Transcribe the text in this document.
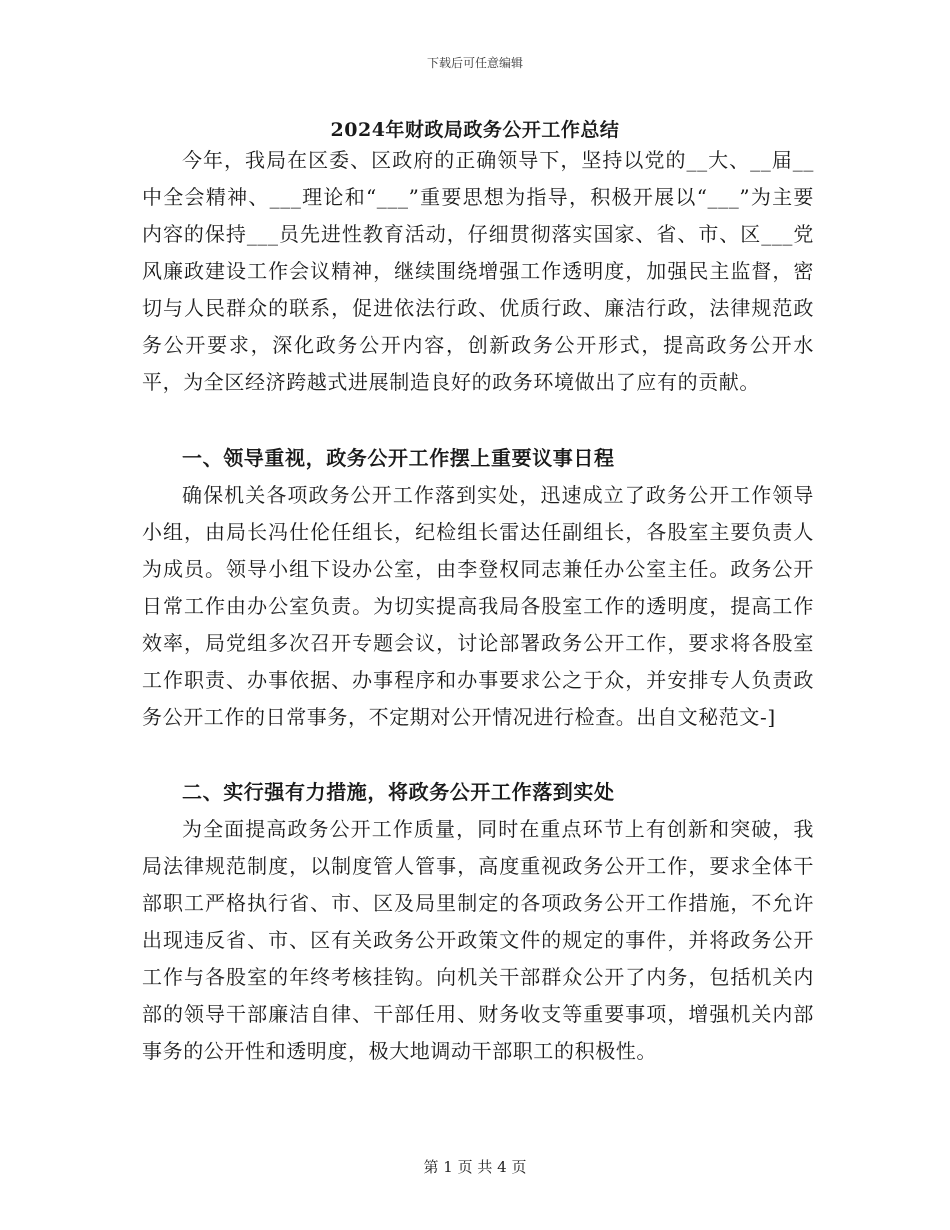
下载后可任意编辑
2024年财政局政务公开工作总结

今年，我局在区委、区政府的正确领导下，坚持以党的__大、__届__中全会精神、___理论和“___”重要思想为指导，积极开展以“___”为主要内容的保持___员先进性教育活动，仔细贯彻落实国家、省、市、区___党风廉政建设工作会议精神，继续围绕增强工作透明度，加强民主监督，密切与人民群众的联系，促进依法行政、优质行政、廉洁行政，法律规范政务公开要求，深化政务公开内容，创新政务公开形式，提高政务公开水平，为全区经济跨越式进展制造良好的政务环境做出了应有的贡献。

一、领导重视，政务公开工作摆上重要议事日程

确保机关各项政务公开工作落到实处，迅速成立了政务公开工作领导小组，由局长冯仕伦任组长，纪检组长雷达任副组长，各股室主要负责人为成员。领导小组下设办公室，由李登权同志兼任办公室主任。政务公开日常工作由办公室负责。为切实提高我局各股室工作的透明度，提高工作效率，局党组多次召开专题会议，讨论部署政务公开工作，要求将各股室工作职责、办事依据、办事程序和办事要求公之于众，并安排专人负责政务公开工作的日常事务，不定期对公开情况进行检查。出自文秘范文-]

二、实行强有力措施，将政务公开工作落到实处

为全面提高政务公开工作质量，同时在重点环节上有创新和突破，我局法律规范制度，以制度管人管事，高度重视政务公开工作，要求全体干部职工严格执行省、市、区及局里制定的各项政务公开工作措施，不允许出现违反省、市、区有关政务公开政策文件的规定的事件，并将政务公开工作与各股室的年终考核挂钩。向机关干部群众公开了内务，包括机关内部的领导干部廉洁自律、干部任用、财务收支等重要事项，增强机关内部事务的公开性和透明度，极大地调动干部职工的积极性。

第 1 页 共 4 页
